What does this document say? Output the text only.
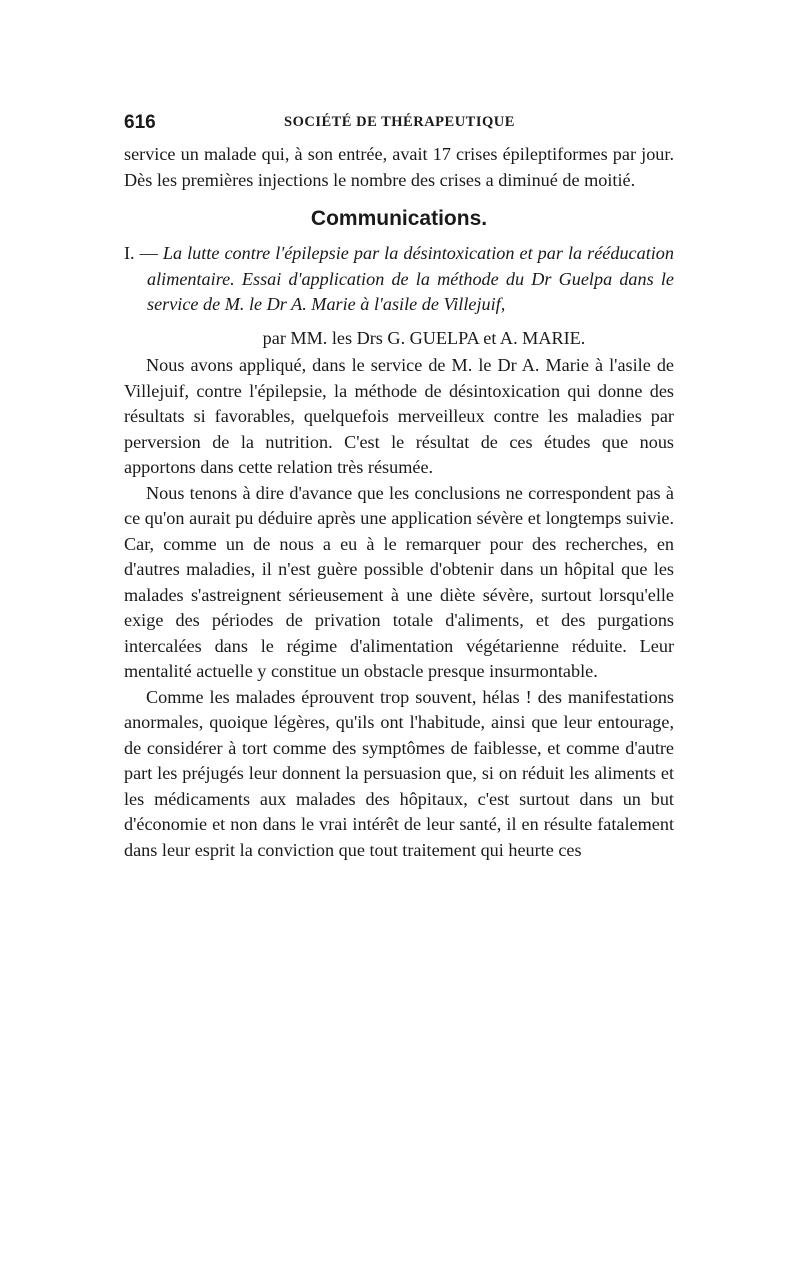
616	SOCIÉTÉ DE THÉRAPEUTIQUE

service un malade qui, à son entrée, avait 17 crises épileptiformes par jour. Dès les premières injections le nombre des crises a diminué de moitié.

Communications.

I. — La lutte contre l'épilepsie par la désintoxication et par la rééducation alimentaire. Essai d'application de la méthode du Dr Guelpa dans le service de M. le Dr A. Marie à l'asile de Villejuif,

par MM. les Drs G. GUELPA et A. MARIE.

Nous avons appliqué, dans le service de M. le Dr A. Marie à l'asile de Villejuif, contre l'épilepsie, la méthode de désintoxication qui donne des résultats si favorables, quelquefois merveilleux contre les maladies par perversion de la nutrition. C'est le résultat de ces études que nous apportons dans cette relation très résumée.

Nous tenons à dire d'avance que les conclusions ne correspondent pas à ce qu'on aurait pu déduire après une application sévère et longtemps suivie. Car, comme un de nous a eu à le remarquer pour des recherches, en d'autres maladies, il n'est guère possible d'obtenir dans un hôpital que les malades s'astreignent sérieusement à une diète sévère, surtout lorsqu'elle exige des périodes de privation totale d'aliments, et des purgations intercalées dans le régime d'alimentation végétarienne réduite. Leur mentalité actuelle y constitue un obstacle presque insurmontable.

Comme les malades éprouvent trop souvent, hélas ! des manifestations anormales, quoique légères, qu'ils ont l'habitude, ainsi que leur entourage, de considérer à tort comme des symptômes de faiblesse, et comme d'autre part les préjugés leur donnent la persuasion que, si on réduit les aliments et les médicaments aux malades des hôpitaux, c'est surtout dans un but d'économie et non dans le vrai intérêt de leur santé, il en résulte fatalement dans leur esprit la conviction que tout traitement qui heurte ces
